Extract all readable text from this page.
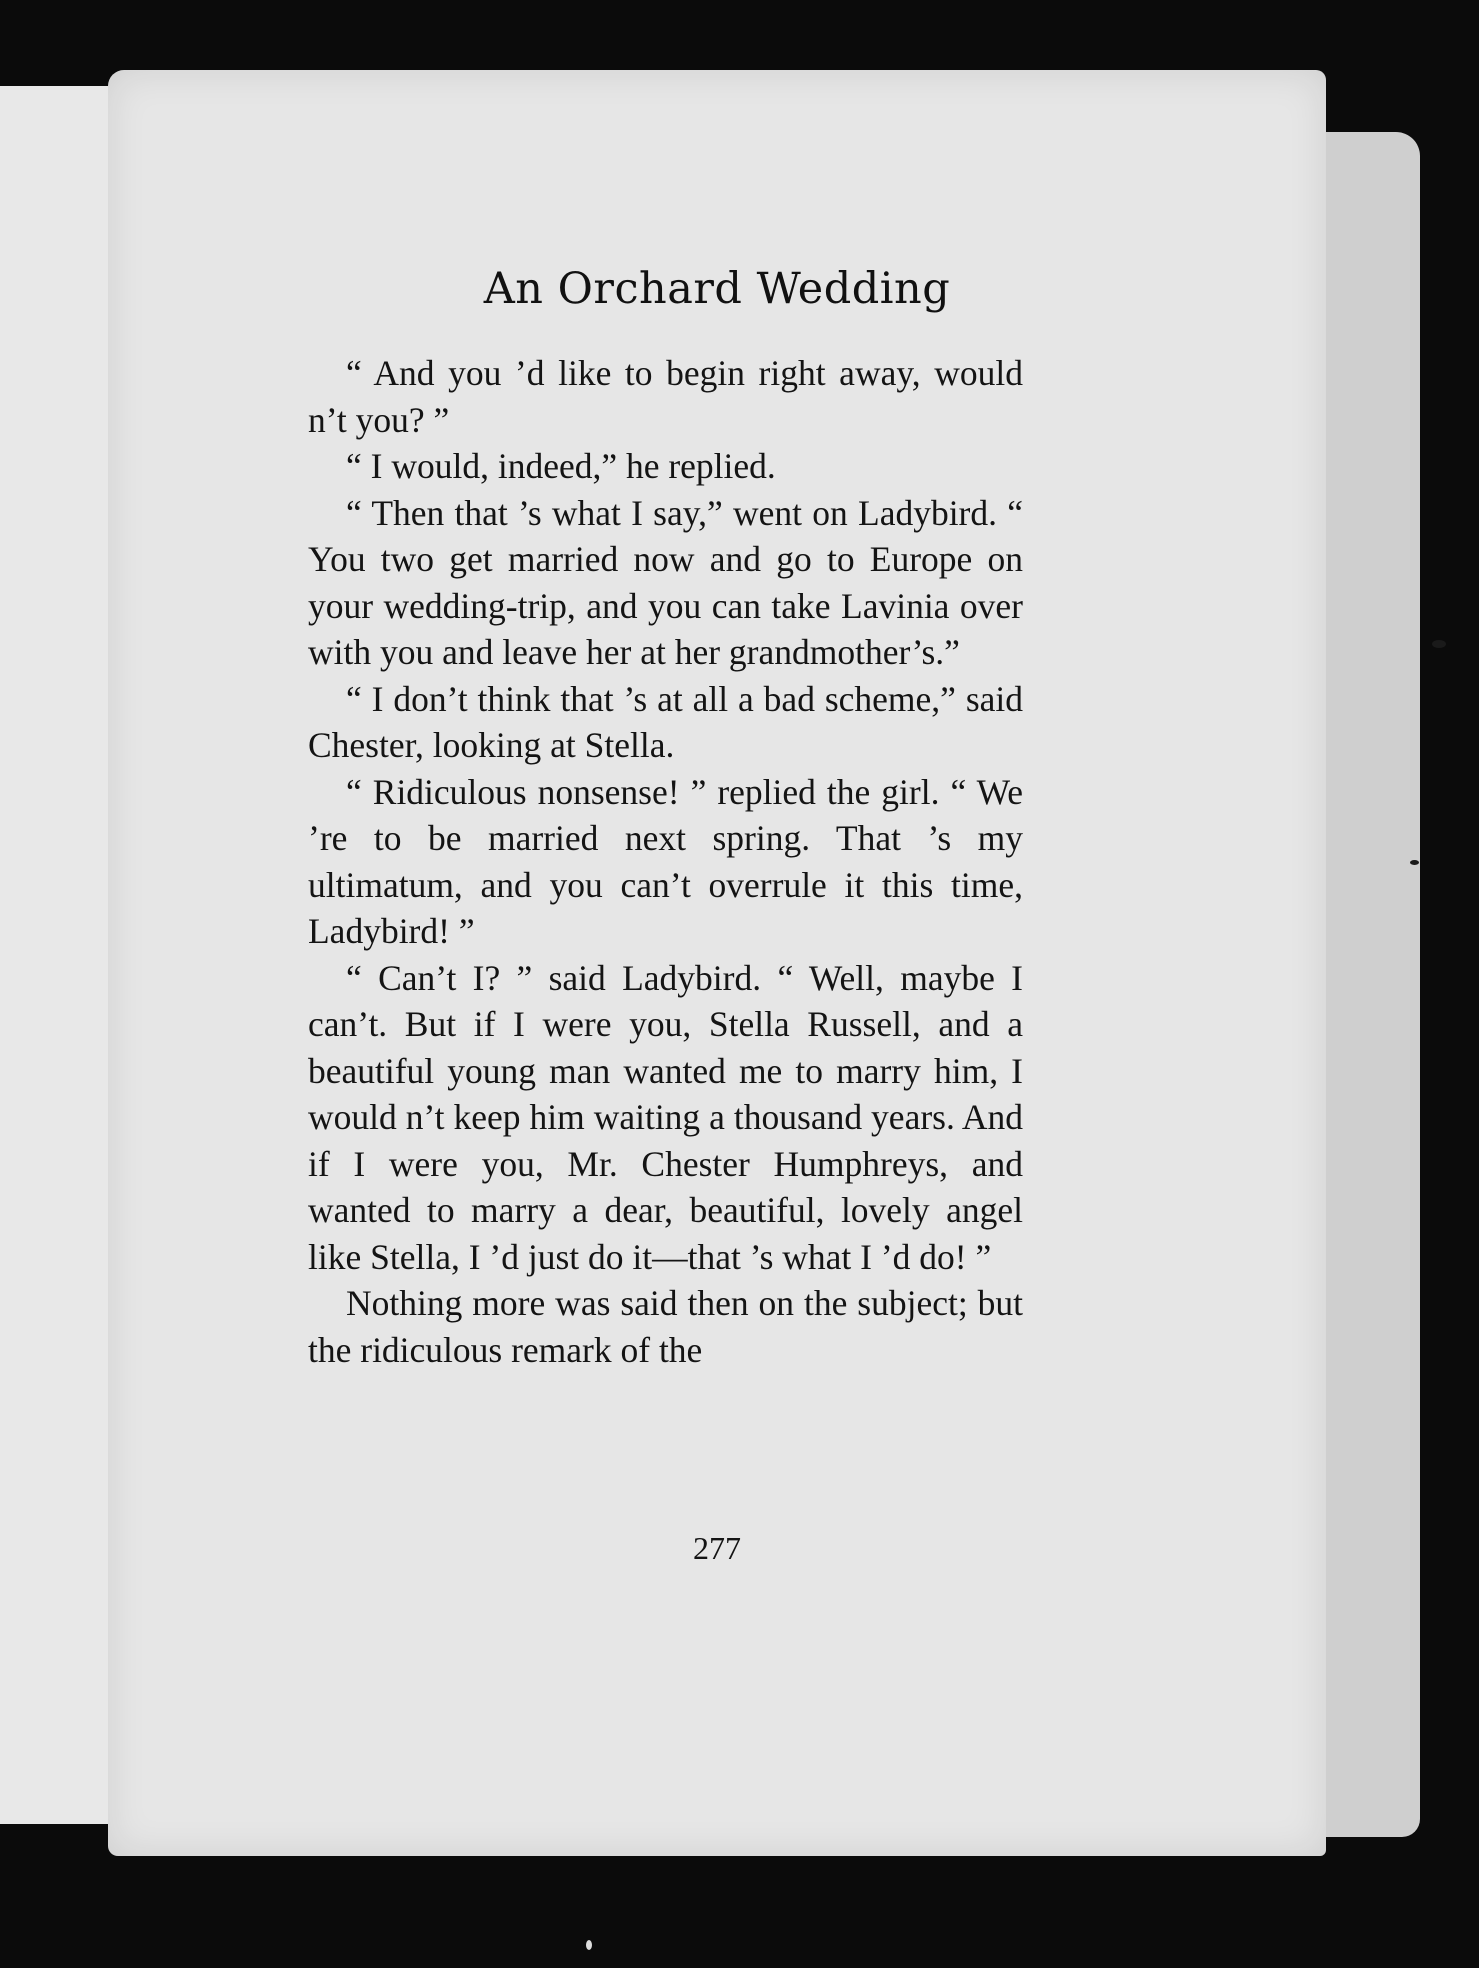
An Orchard Wedding

“ And you ’d like to begin right away, would n’t you? ”

“ I would, indeed,” he replied.

“ Then that ’s what I say,” went on Ladybird. “ You two get married now and go to Europe on your wedding-trip, and you can take Lavinia over with you and leave her at her grandmother’s.”

“ I don’t think that ’s at all a bad scheme,” said Chester, looking at Stella.

“ Ridiculous nonsense! ” replied the girl. “ We ’re to be married next spring. That ’s my ultimatum, and you can’t overrule it this time, Ladybird! ”

“ Can’t I? ” said Ladybird. “ Well, maybe I can’t. But if I were you, Stella Russell, and a beautiful young man wanted me to marry him, I would n’t keep him waiting a thousand years. And if I were you, Mr. Chester Humphreys, and wanted to marry a dear, beautiful, lovely angel like Stella, I ’d just do it—that ’s what I ’d do! ”

Nothing more was said then on the subject; but the ridiculous remark of the

277
